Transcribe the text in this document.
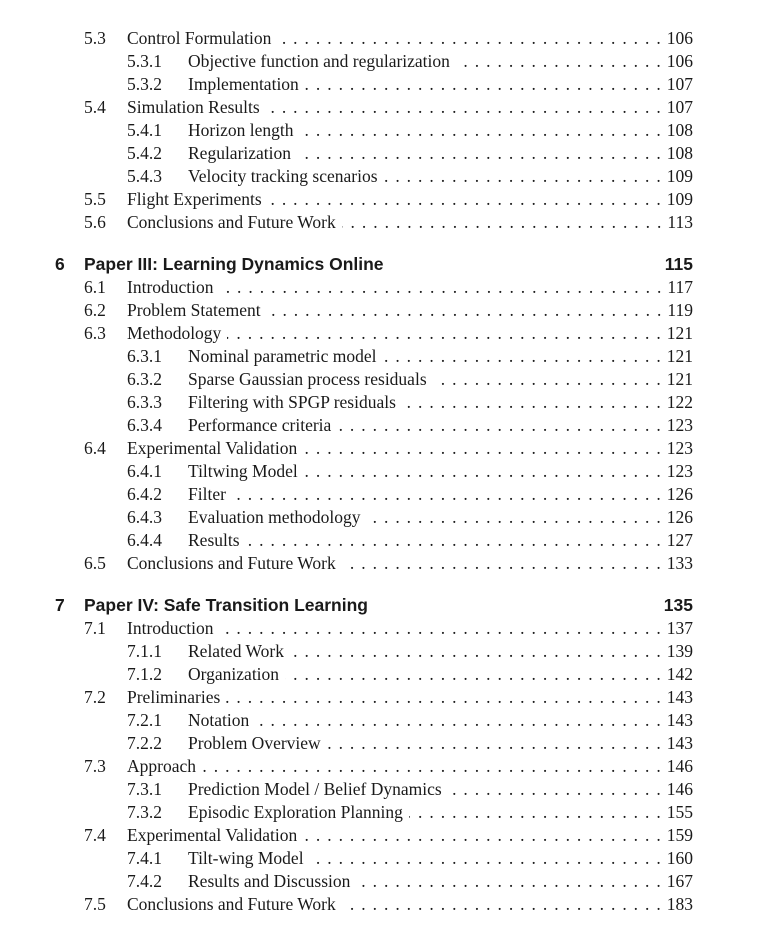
5.3 Control Formulation . . .	106
5.3.1 Objective function and regularization . . .	106
5.3.2 Implementation . . .	107
5.4 Simulation Results . . .	107
5.4.1 Horizon length . . .	108
5.4.2 Regularization . . .	108
5.4.3 Velocity tracking scenarios . . .	109
5.5 Flight Experiments . . .	109
5.6 Conclusions and Future Work . . .	113
6 Paper III: Learning Dynamics Online	115
6.1 Introduction . . .	117
6.2 Problem Statement . . .	119
6.3 Methodology . . .	121
6.3.1 Nominal parametric model . . .	121
6.3.2 Sparse Gaussian process residuals . . .	121
6.3.3 Filtering with SPGP residuals . . .	122
6.3.4 Performance criteria . . .	123
6.4 Experimental Validation . . .	123
6.4.1 Tiltwing Model . . .	123
6.4.2 Filter . . .	126
6.4.3 Evaluation methodology . . .	126
6.4.4 Results . . .	127
6.5 Conclusions and Future Work . . .	133
7 Paper IV: Safe Transition Learning	135
7.1 Introduction . . .	137
7.1.1 Related Work . . .	139
7.1.2 Organization . . .	142
7.2 Preliminaries . . .	143
7.2.1 Notation . . .	143
7.2.2 Problem Overview . . .	143
7.3 Approach . . .	146
7.3.1 Prediction Model / Belief Dynamics . . .	146
7.3.2 Episodic Exploration Planning . . .	155
7.4 Experimental Validation . . .	159
7.4.1 Tilt-wing Model . . .	160
7.4.2 Results and Discussion . . .	167
7.5 Conclusions and Future Work . . .	183
